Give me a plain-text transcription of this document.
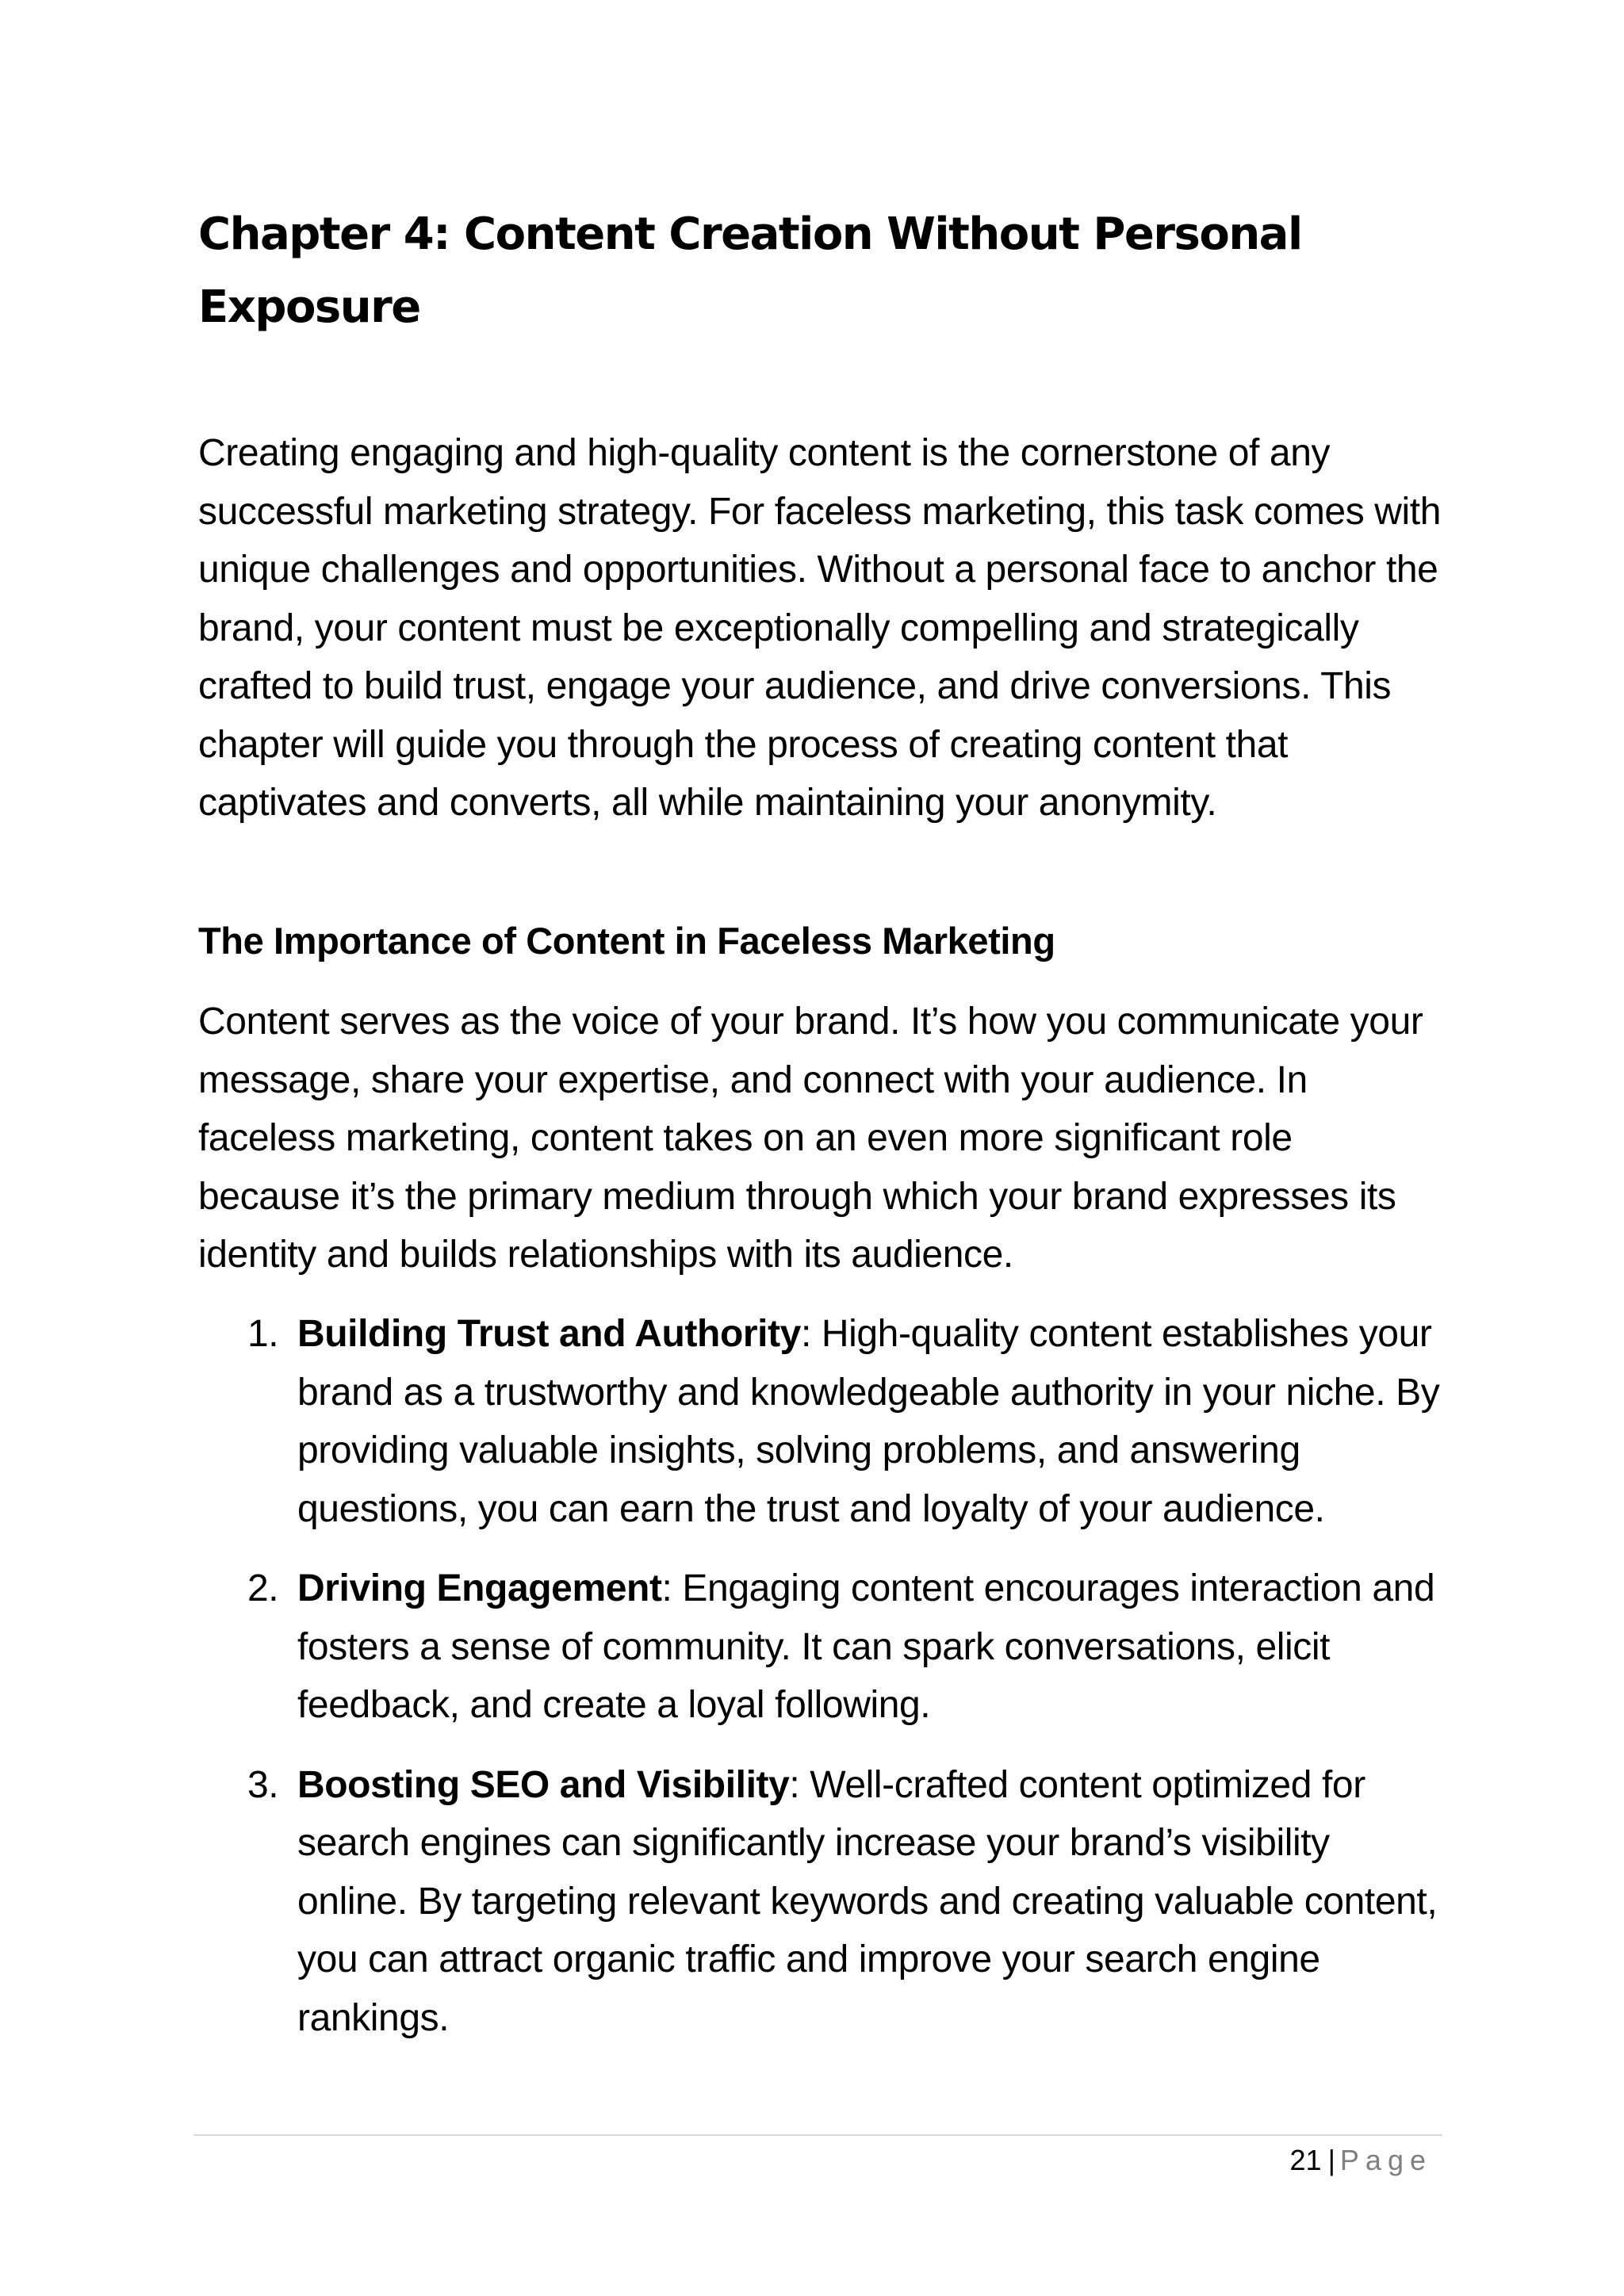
Chapter 4: Content Creation Without Personal Exposure

Creating engaging and high-quality content is the cornerstone of any successful marketing strategy. For faceless marketing, this task comes with unique challenges and opportunities. Without a personal face to anchor the brand, your content must be exceptionally compelling and strategically crafted to build trust, engage your audience, and drive conversions. This chapter will guide you through the process of creating content that captivates and converts, all while maintaining your anonymity.

The Importance of Content in Faceless Marketing

Content serves as the voice of your brand. It’s how you communicate your message, share your expertise, and connect with your audience. In faceless marketing, content takes on an even more significant role because it’s the primary medium through which your brand expresses its identity and builds relationships with its audience.

1. Building Trust and Authority: High-quality content establishes your brand as a trustworthy and knowledgeable authority in your niche. By providing valuable insights, solving problems, and answering questions, you can earn the trust and loyalty of your audience.
2. Driving Engagement: Engaging content encourages interaction and fosters a sense of community. It can spark conversations, elicit feedback, and create a loyal following.
3. Boosting SEO and Visibility: Well-crafted content optimized for search engines can significantly increase your brand’s visibility online. By targeting relevant keywords and creating valuable content, you can attract organic traffic and improve your search engine rankings.
21 | Page
